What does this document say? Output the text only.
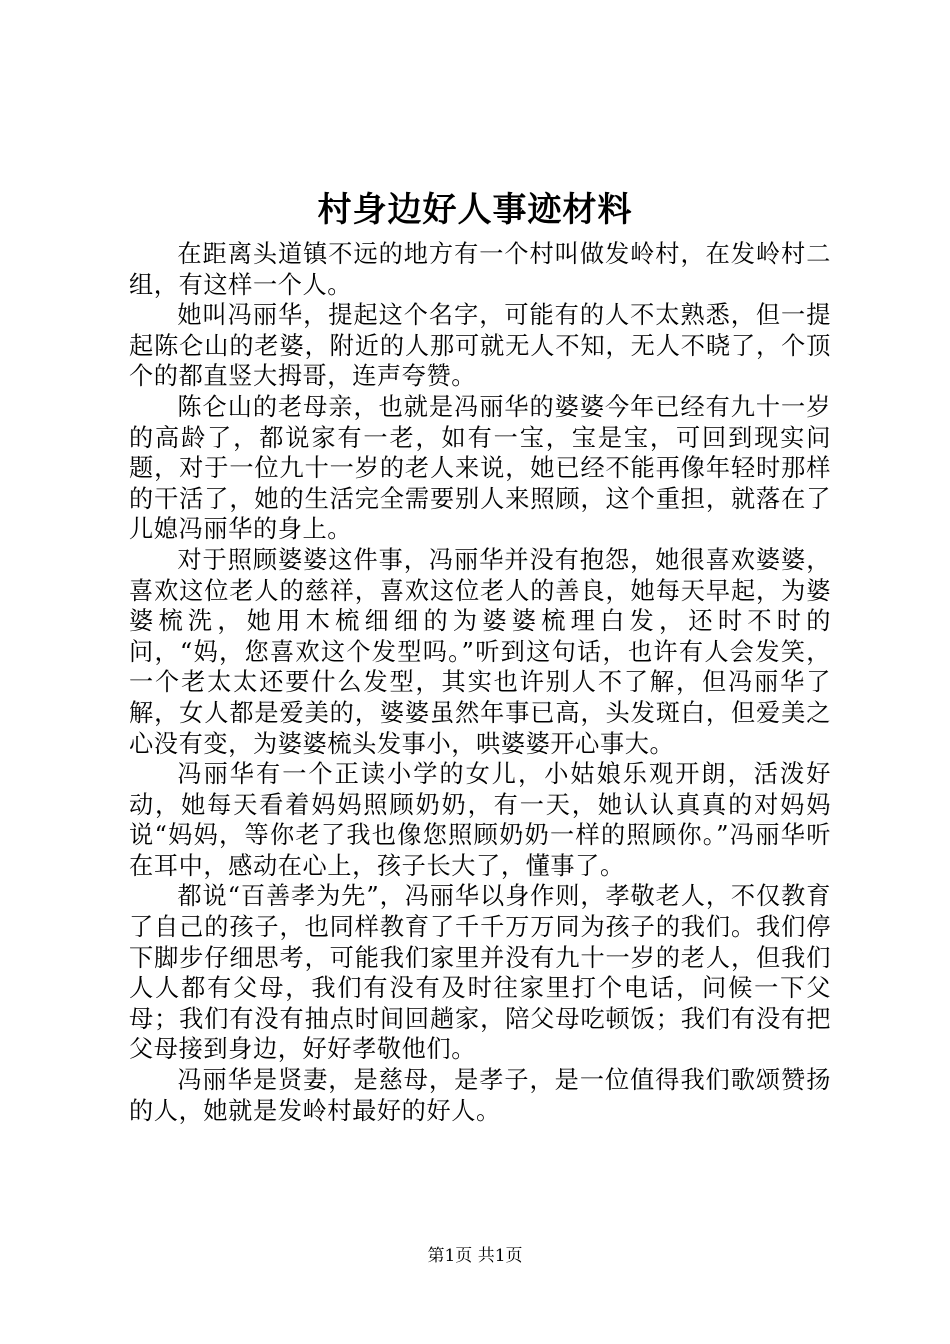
村身边好人事迹材料

在距离头道镇不远的地方有一个村叫做发岭村，在发岭村二组，有这样一个人。

她叫冯丽华，提起这个名字，可能有的人不太熟悉，但一提起陈仑山的老婆，附近的人那可就无人不知，无人不晓了，个顶个的都直竖大拇哥，连声夸赞。

陈仑山的老母亲，也就是冯丽华的婆婆今年已经有九十一岁的高龄了，都说家有一老，如有一宝，宝是宝，可回到现实问题，对于一位九十一岁的老人来说，她已经不能再像年轻时那样的干活了，她的生活完全需要别人来照顾，这个重担，就落在了儿媳冯丽华的身上。

对于照顾婆婆这件事，冯丽华并没有抱怨，她很喜欢婆婆，喜欢这位老人的慈祥，喜欢这位老人的善良，她每天早起，为婆婆梳洗，她用木梳细细的为婆婆梳理白发，还时不时的问，“妈，您喜欢这个发型吗。”听到这句话，也许有人会发笑，一个老太太还要什么发型，其实也许别人不了解，但冯丽华了解，女人都是爱美的，婆婆虽然年事已高，头发斑白，但爱美之心没有变，为婆婆梳头发事小，哄婆婆开心事大。

冯丽华有一个正读小学的女儿，小姑娘乐观开朗，活泼好动，她每天看着妈妈照顾奶奶，有一天，她认认真真的对妈妈说“妈妈，等你老了我也像您照顾奶奶一样的照顾你。”冯丽华听在耳中，感动在心上，孩子长大了，懂事了。

都说“百善孝为先”，冯丽华以身作则，孝敬老人，不仅教育了自己的孩子，也同样教育了千千万万同为孩子的我们。我们停下脚步仔细思考，可能我们家里并没有九十一岁的老人，但我们人人都有父母，我们有没有及时往家里打个电话，问候一下父母；我们有没有抽点时间回趟家，陪父母吃顿饭；我们有没有把父母接到身边，好好孝敬他们。

冯丽华是贤妻，是慈母，是孝子，是一位值得我们歌颂赞扬的人，她就是发岭村最好的好人。

第1页 共1页
